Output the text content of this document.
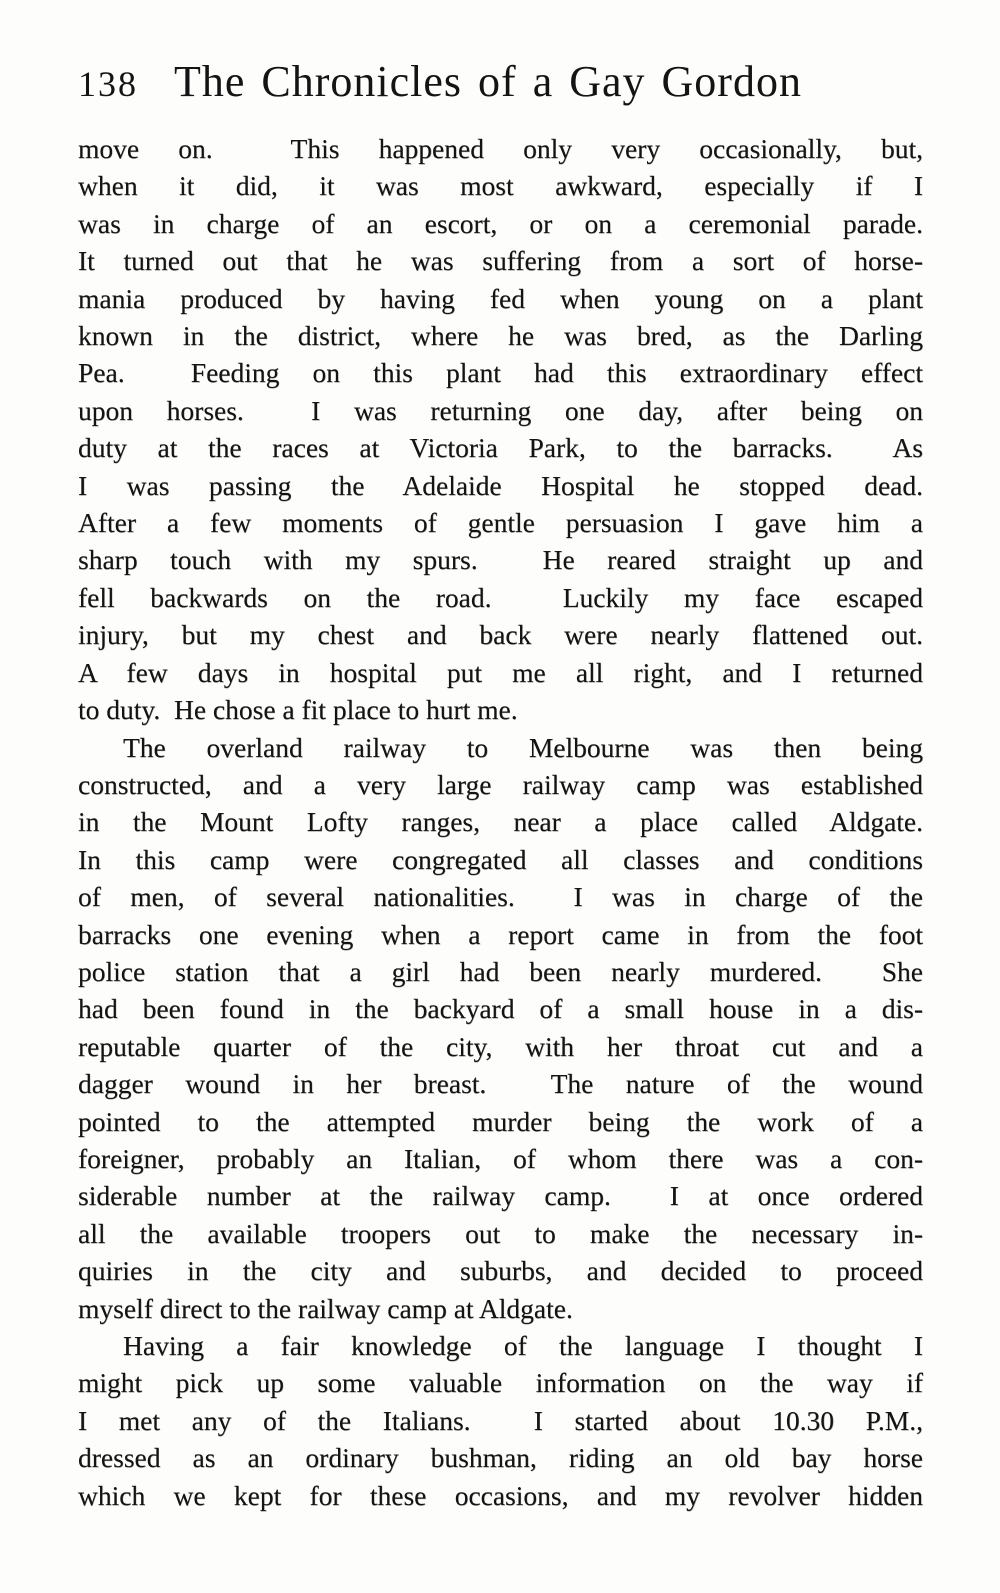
138 The Chronicles of a Gay Gordon
move on.  This happened only very occasionally, but,
when it did, it was most awkward, especially if I
was in charge of an escort, or on a ceremonial parade.
It turned out that he was suffering from a sort of horse-
mania produced by having fed when young on a plant
known in the district, where he was bred, as the Darling
Pea.  Feeding on this plant had this extraordinary effect
upon horses.  I was returning one day, after being on
duty at the races at Victoria Park, to the barracks.  As
I was passing the Adelaide Hospital he stopped dead.
After a few moments of gentle persuasion I gave him a
sharp touch with my spurs.  He reared straight up and
fell backwards on the road.  Luckily my face escaped
injury, but my chest and back were nearly flattened out.
A few days in hospital put me all right, and I returned
to duty.  He chose a fit place to hurt me.
The overland railway to Melbourne was then being
constructed, and a very large railway camp was established
in the Mount Lofty ranges, near a place called Aldgate.
In this camp were congregated all classes and conditions
of men, of several nationalities.  I was in charge of the
barracks one evening when a report came in from the foot
police station that a girl had been nearly murdered.  She
had been found in the backyard of a small house in a dis-
reputable quarter of the city, with her throat cut and a
dagger wound in her breast.  The nature of the wound
pointed to the attempted murder being the work of a
foreigner, probably an Italian, of whom there was a con-
siderable number at the railway camp.  I at once ordered
all the available troopers out to make the necessary in-
quiries in the city and suburbs, and decided to proceed
myself direct to the railway camp at Aldgate.
Having a fair knowledge of the language I thought I
might pick up some valuable information on the way if
I met any of the Italians.  I started about 10.30 P.M.,
dressed as an ordinary bushman, riding an old bay horse
which we kept for these occasions, and my revolver hidden
